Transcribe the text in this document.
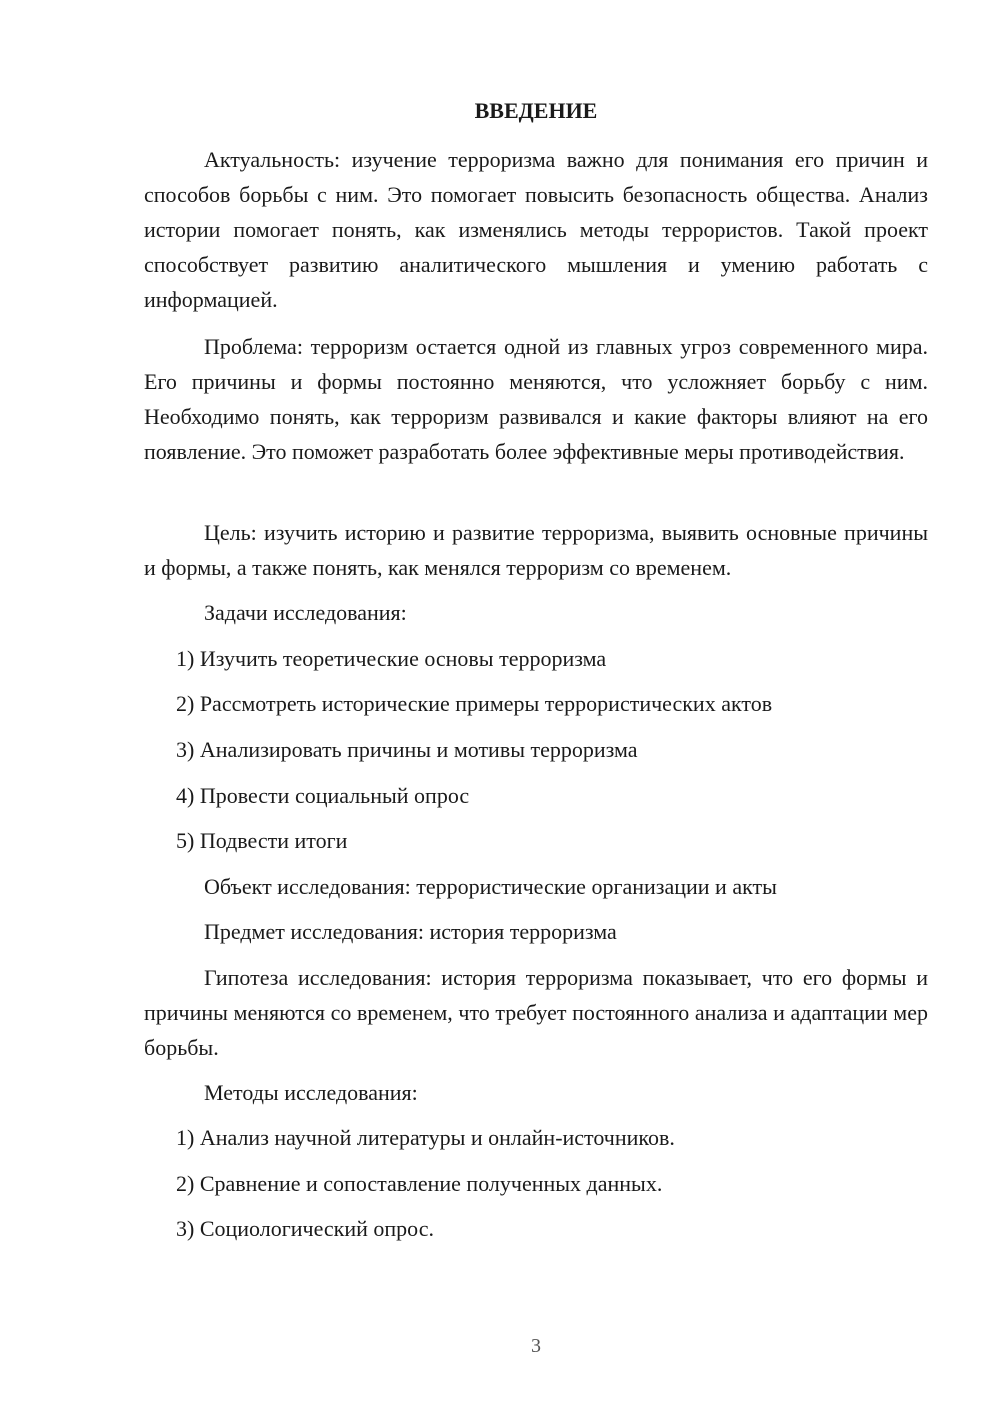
ВВЕДЕНИЕ
Актуальность: изучение терроризма важно для понимания его причин и способов борьбы с ним. Это помогает повысить безопасность общества. Анализ истории помогает понять, как изменялись методы террористов. Такой проект способствует развитию аналитического мышления и умению работать с информацией.
Проблема: терроризм остается одной из главных угроз современного мира. Его причины и формы постоянно меняются, что усложняет борьбу с ним. Необходимо понять, как терроризм развивался и какие факторы влияют на его появление. Это поможет разработать более эффективные меры противодействия.
Цель: изучить историю и развитие терроризма, выявить основные причины и формы, а также понять, как менялся терроризм со временем.
Задачи исследования:
1) Изучить теоретические основы терроризма
2) Рассмотреть исторические примеры террористических актов
3) Анализировать причины и мотивы терроризма
4) Провести социальный опрос
5) Подвести итоги
Объект исследования: террористические организации и акты
Предмет исследования: история терроризма
Гипотеза исследования: история терроризма показывает, что его формы и причины меняются со временем, что требует постоянного анализа и адаптации мер борьбы.
Методы исследования:
1) Анализ научной литературы и онлайн-источников.
2) Сравнение и сопоставление полученных данных.
3) Социологический опрос.
3
